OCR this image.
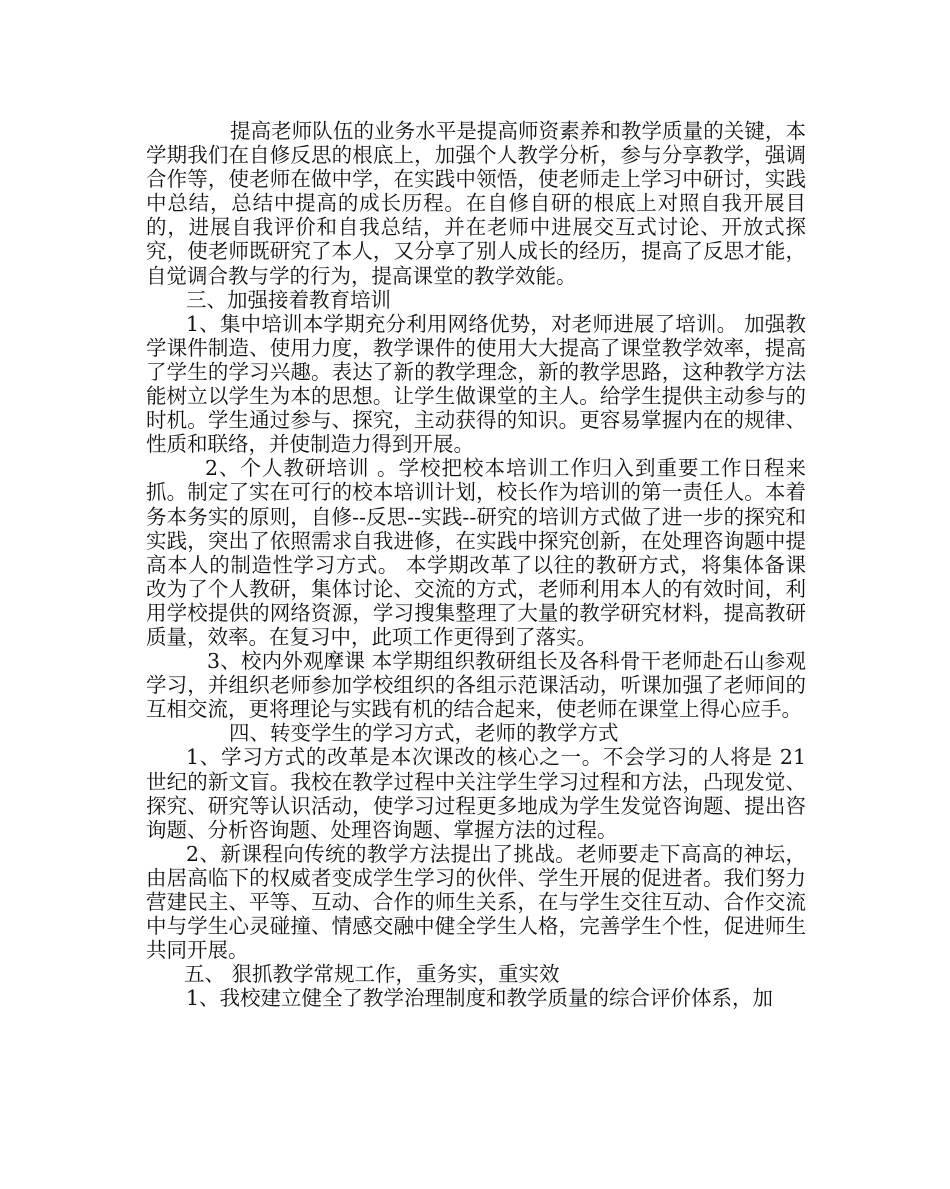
提高老师队伍的业务水平是提高师资素养和教学质量的关键，本学期我们在自修反思的根底上，加强个人教学分析，参与分享教学，强调合作等，使老师在做中学，在实践中领悟，使老师走上学习中研讨，实践中总结，总结中提高的成长历程。在自修自研的根底上对照自我开展目的，进展自我评价和自我总结，并在老师中进展交互式讨论、开放式探究，使老师既研究了本人，又分享了别人成长的经历，提高了反思才能，自觉调合教与学的行为，提高课堂的教学效能。

三、加强接着教育培训

1、集中培训本学期充分利用网络优势，对老师进展了培训。 加强教学课件制造、使用力度，教学课件的使用大大提高了课堂教学效率，提高了学生的学习兴趣。表达了新的教学理念，新的教学思路，这种教学方法能树立以学生为本的思想。让学生做课堂的主人。给学生提供主动参与的时机。学生通过参与、探究，主动获得的知识。更容易掌握内在的规律、性质和联络，并使制造力得到开展。

2、个人教研培训 。学校把校本培训工作归入到重要工作日程来抓。制定了实在可行的校本培训计划，校长作为培训的第一责任人。本着务本务实的原则，自修--反思--实践--研究的培训方式做了进一步的探究和实践，突出了依照需求自我进修，在实践中探究创新，在处理咨询题中提高本人的制造性学习方式。 本学期改革了以往的教研方式，将集体备课改为了个人教研，集体讨论、交流的方式，老师利用本人的有效时间，利用学校提供的网络资源，学习搜集整理了大量的教学研究材料，提高教研质量，效率。在复习中，此项工作更得到了落实。

3、校内外观摩课 本学期组织教研组长及各科骨干老师赴石山参观学习，并组织老师参加学校组织的各组示范课活动，听课加强了老师间的互相交流，更将理论与实践有机的结合起来，使老师在课堂上得心应手。

四、转变学生的学习方式，老师的教学方式

1、学习方式的改革是本次课改的核心之一。不会学习的人将是 21 世纪的新文盲。我校在教学过程中关注学生学习过程和方法，凸现发觉、探究、研究等认识活动，使学习过程更多地成为学生发觉咨询题、提出咨询题、分析咨询题、处理咨询题、掌握方法的过程。

2、新课程向传统的教学方法提出了挑战。老师要走下高高的神坛，由居高临下的权威者变成学生学习的伙伴、学生开展的促进者。我们努力营建民主、平等、互动、合作的师生关系，在与学生交往互动、合作交流中与学生心灵碰撞、情感交融中健全学生人格，完善学生个性，促进师生共同开展。

五、 狠抓教学常规工作，重务实，重实效

1、我校建立健全了教学治理制度和教学质量的综合评价体系，加
